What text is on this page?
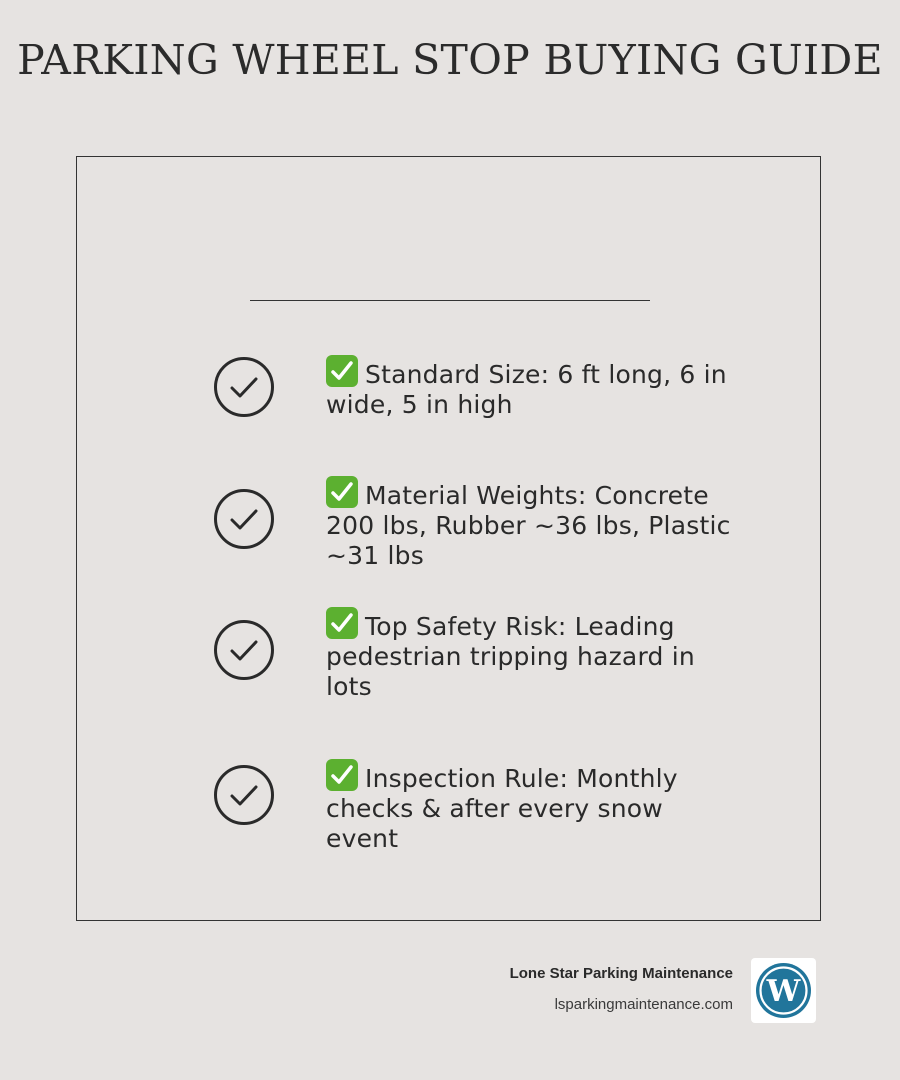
PARKING WHEEL STOP BUYING GUIDE
Standard Size: 6 ft long, 6 in wide, 5 in high
Material Weights: Concrete 200 lbs, Rubber ~36 lbs, Plastic ~31 lbs
Top Safety Risk: Leading pedestrian tripping hazard in lots
Inspection Rule: Monthly checks & after every snow event
Lone Star Parking Maintenance
lsparkingmaintenance.com W
